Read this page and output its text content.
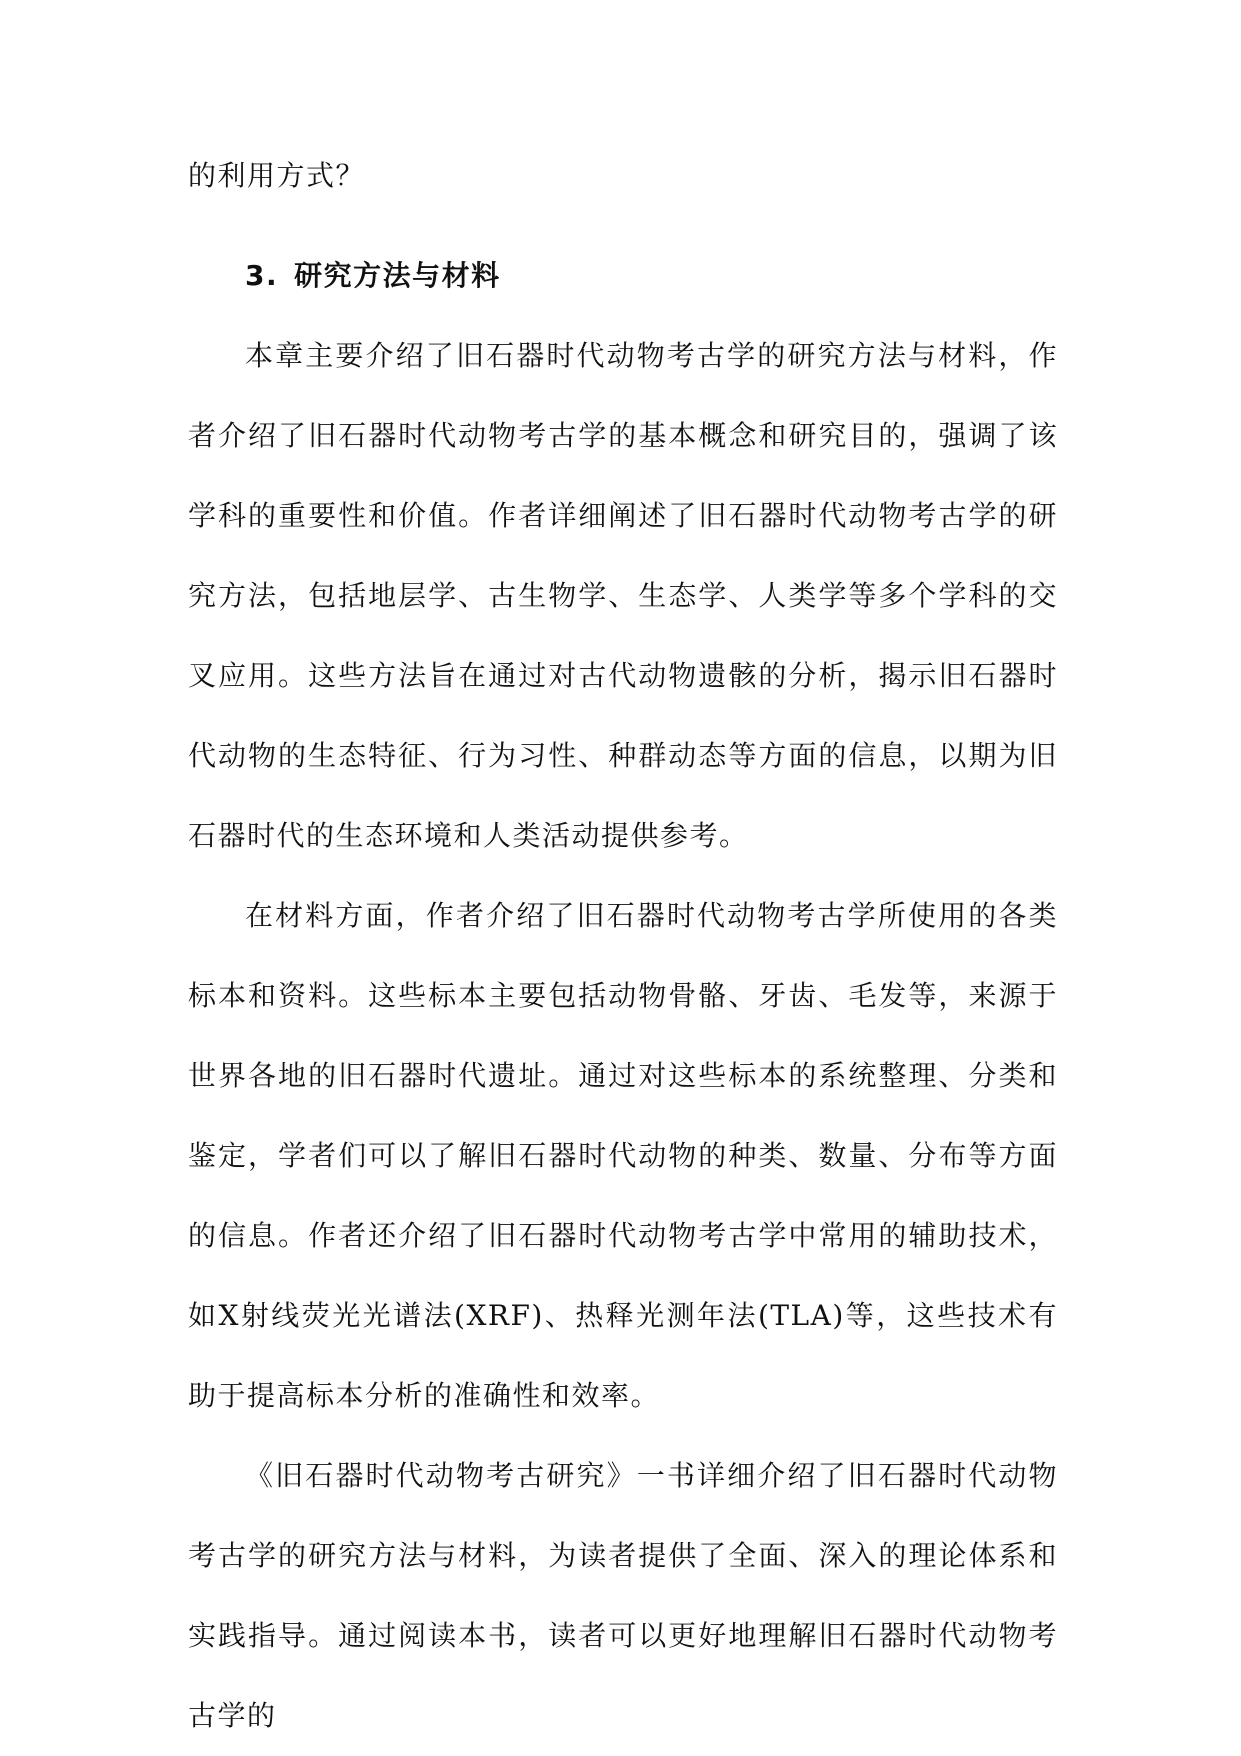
的利用方式？

3. 研究方法与材料

本章主要介绍了旧石器时代动物考古学的研究方法与材料，作者介绍了旧石器时代动物考古学的基本概念和研究目的，强调了该学科的重要性和价值。作者详细阐述了旧石器时代动物考古学的研究方法，包括地层学、古生物学、生态学、人类学等多个学科的交叉应用。这些方法旨在通过对古代动物遗骸的分析，揭示旧石器时代动物的生态特征、行为习性、种群动态等方面的信息，以期为旧石器时代的生态环境和人类活动提供参考。

在材料方面，作者介绍了旧石器时代动物考古学所使用的各类标本和资料。这些标本主要包括动物骨骼、牙齿、毛发等，来源于世界各地的旧石器时代遗址。通过对这些标本的系统整理、分类和鉴定，学者们可以了解旧石器时代动物的种类、数量、分布等方面的信息。作者还介绍了旧石器时代动物考古学中常用的辅助技术，如X射线荧光光谱法(XRF)、热释光测年法(TLA)等，这些技术有助于提高标本分析的准确性和效率。

《旧石器时代动物考古研究》一书详细介绍了旧石器时代动物考古学的研究方法与材料，为读者提供了全面、深入的理论体系和实践指导。通过阅读本书，读者可以更好地理解旧石器时代动物考古学的
